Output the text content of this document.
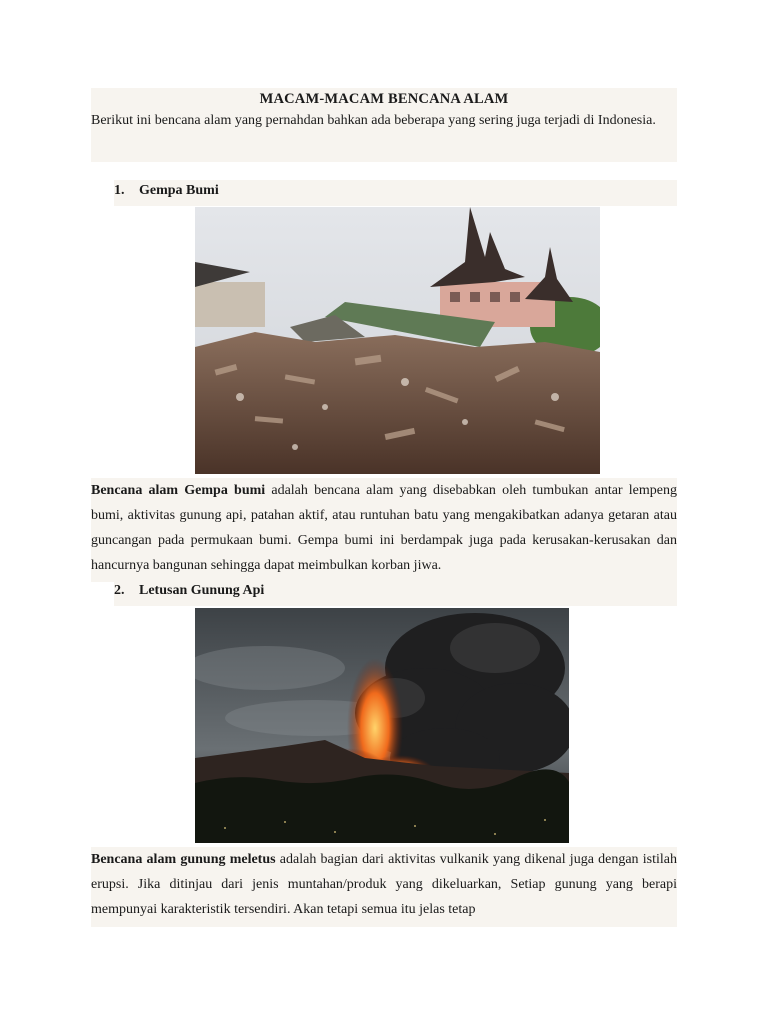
MACAM-MACAM BENCANA ALAM
Berikut ini bencana alam yang pernahdan bahkan ada beberapa yang sering juga terjadi di Indonesia.
1. Gempa Bumi
Bencana alam Gempa bumi adalah bencana alam yang disebabkan oleh tumbukan antar lempeng bumi, aktivitas gunung api, patahan aktif, atau runtuhan batu yang mengakibatkan adanya getaran atau guncangan pada permukaan bumi. Gempa bumi ini berdampak juga pada kerusakan-kerusakan dan hancurnya bangunan sehingga dapat meimbulkan korban jiwa.
2. Letusan Gunung Api
Bencana alam gunung meletus adalah bagian dari aktivitas vulkanik yang dikenal juga dengan istilah erupsi. Jika ditinjau dari jenis muntahan/produk yang dikeluarkan, Setiap gunung yang berapi mempunyai karakteristik tersendiri. Akan tetapi semua itu jelas tetap
